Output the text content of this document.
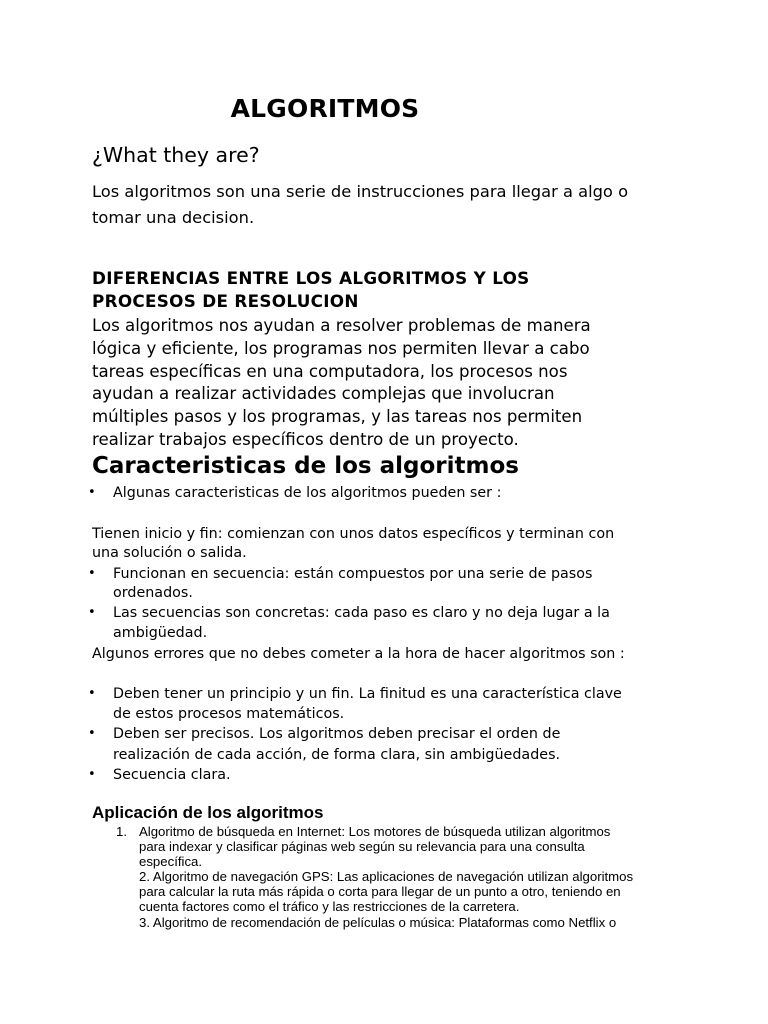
ALGORITMOS
¿What they are?

Los algoritmos son una serie de instrucciones para llegar a algo o

tomar una decision.

DIFERENCIAS ENTRE LOS ALGORITMOS Y LOS

PROCESOS DE RESOLUCION

Los algoritmos nos ayudan a resolver problemas de manera

lógica y eficiente, los programas nos permiten llevar a cabo

tareas específicas en una computadora, los procesos nos

ayudan a realizar actividades complejas que involucran

múltiples pasos y los programas, y las tareas nos permiten

realizar trabajos específicos dentro de un proyecto.

Caracteristicas de los algoritmos
• Algunas caracteristicas de los algoritmos pueden ser :

Tienen inicio y fin: comienzan con unos datos específicos y terminan con

una solución o salida.

• Funcionan en secuencia: están compuestos por una serie de pasos

ordenados.

• Las secuencias son concretas: cada paso es claro y no deja lugar a la

ambigüedad.

Algunos errores que no debes cometer a la hora de hacer algoritmos son :

• Deben tener un principio y un fin. La finitud es una característica clave

de estos procesos matemáticos.

• Deben ser precisos. Los algoritmos deben precisar el orden de

realización de cada acción, de forma clara, sin ambigüedades.

• Secuencia clara.

Aplicación de los algoritmos
1. Algoritmo de búsqueda en Internet: Los motores de búsqueda utilizan algoritmos

para indexar y clasificar páginas web según su relevancia para una consulta

específica.

2. Algoritmo de navegación GPS: Las aplicaciones de navegación utilizan algoritmos

para calcular la ruta más rápida o corta para llegar de un punto a otro, teniendo en

cuenta factores como el tráfico y las restricciones de la carretera.

3. Algoritmo de recomendación de películas o música: Plataformas como Netflix o
